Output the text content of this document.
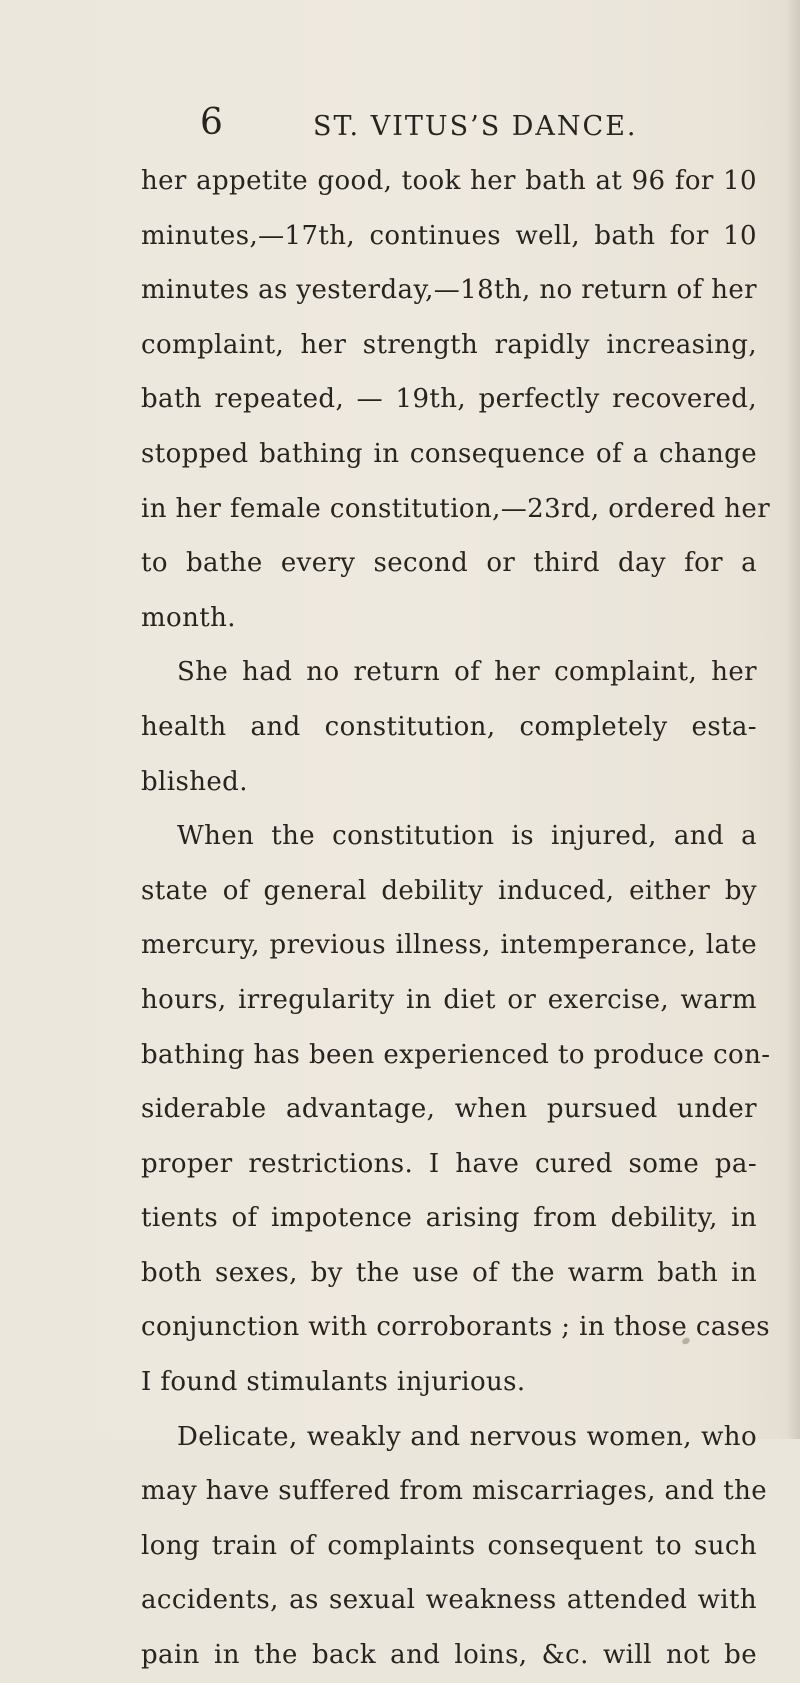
6	ST. VITUS’S DANCE.
her appetite good, took her bath at 96 for 10
minutes,—17th, continues well, bath for 10
minutes as yesterday,—18th, no return of her
complaint, her strength rapidly increasing,
bath repeated, — 19th, perfectly recovered,
stopped bathing in consequence of a change
in her female constitution,—23rd, ordered her
to bathe every second or third day for a
month.
She had no return of her complaint, her
health and constitution, completely esta-
blished.
When the constitution is injured, and a
state of general debility induced, either by
mercury, previous illness, intemperance, late
hours, irregularity in diet or exercise, warm
bathing has been experienced to produce con-
siderable advantage, when pursued under
proper restrictions. I have cured some pa-
tients of impotence arising from debility, in
both sexes, by the use of the warm bath in
conjunction with corroborants ; in those cases
I found stimulants injurious.
Delicate, weakly and nervous women, who
may have suffered from miscarriages, and the
long train of complaints consequent to such
accidents, as sexual weakness attended with
pain in the back and loins, &c. will not be
